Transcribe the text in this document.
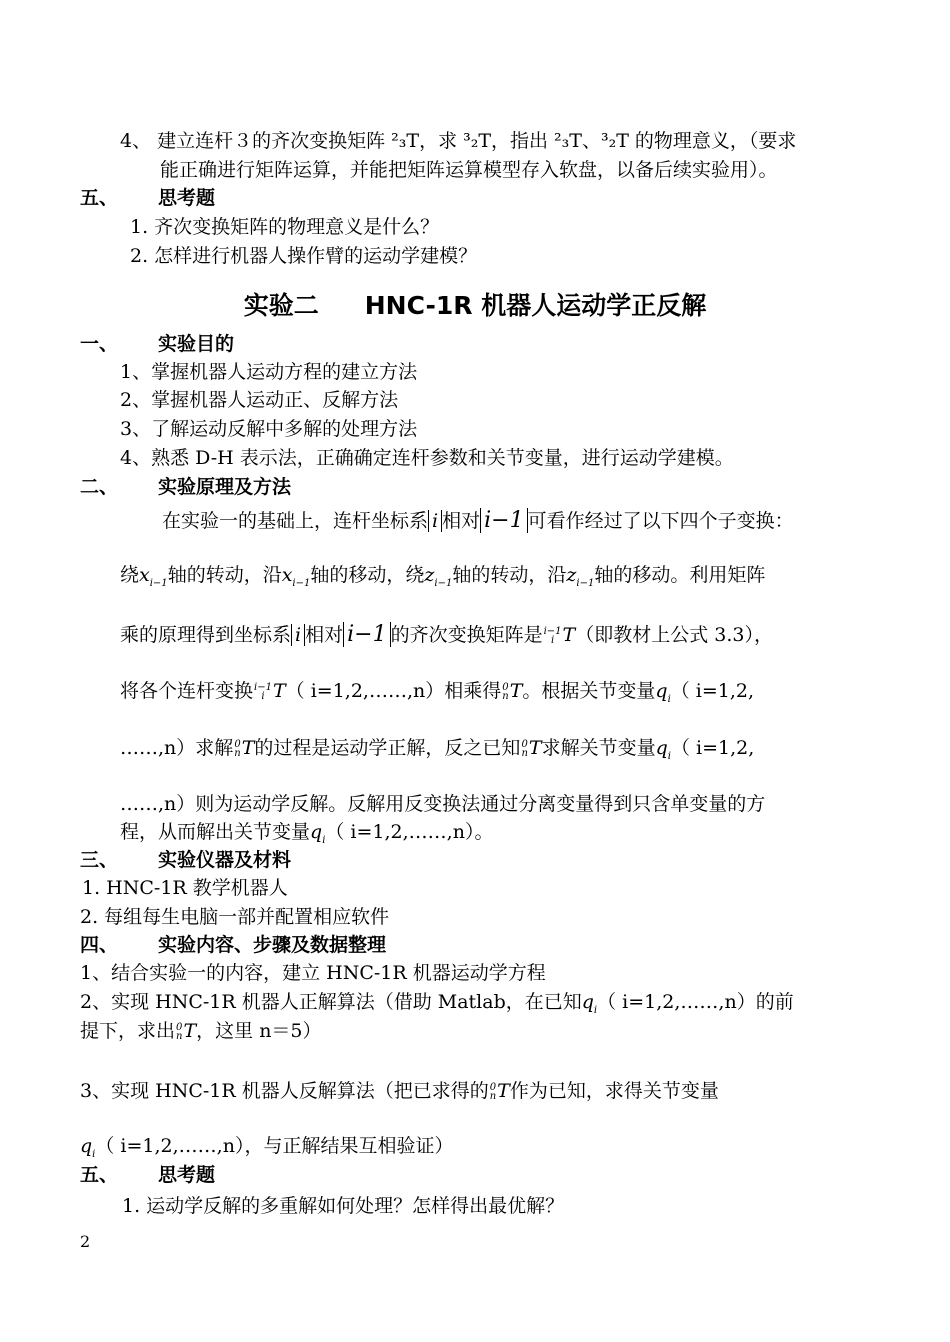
4、 建立连杆３的齐次变换矩阵 ²₃T，求 ³₂T，指出 ²₃T、³₂T 的物理意义，（要求
能正确进行矩阵运算，并能把矩阵运算模型存入软盘，以备后续实验用）。
五、 思考题
1. 齐次变换矩阵的物理意义是什么？
2. 怎样进行机器人操作臂的运动学建模？
实验二 HNC-1R 机器人运动学正反解
一、 实验目的
1、掌握机器人运动方程的建立方法
2、掌握机器人运动正、反解方法
3、了解运动反解中多解的处理方法
4、熟悉 D-H 表示法，正确确定连杆参数和关节变量，进行运动学建模。
二、 实验原理及方法
在实验一的基础上，连杆坐标系 i 相对 i−1 可看作经过了以下四个子变换：
绕$x_{i-1}$轴的转动，沿$x_{i-1}$轴的移动，绕$z_{i-1}$轴的转动，沿$z_{i-1}$轴的移动。利用矩阵
乘的原理得到坐标系 i 相对 i−1 的齐次变换矩阵是 i−1
i T（即教材上公式 3.3），
将各个连杆变换 i−1
i T（ i=1,2,……,n）相乘得 0
n T。根据关节变量$q_i$（ i=1,2,
……,n）求解 0
n T的过程是运动学正解，反之已知 0
n T求解关节变量$q_i$（ i=1,2,
……,n）则为运动学反解。反解用反变换法通过分离变量得到只含单变量的方
程，从而解出关节变量$q_i$（ i=1,2,……,n）。
三、 实验仪器及材料
1. HNC-1R 教学机器人
2. 每组每生电脑一部并配置相应软件
四、 实验内容、步骤及数据整理
1、结合实验一的内容，建立 HNC-1R 机器运动学方程
2、实现 HNC-1R 机器人正解算法（借助 Matlab，在已知$q_i$（ i=1,2,……,n）的前
提下，求出 0
n T，这里 n＝5）
3、实现 HNC-1R 机器人反解算法（把已求得的 0
n T作为已知，求得关节变量
$q_i$（ i=1,2,……,n），与正解结果互相验证）
五、 思考题
1. 运动学反解的多重解如何处理？怎样得出最优解？
2
